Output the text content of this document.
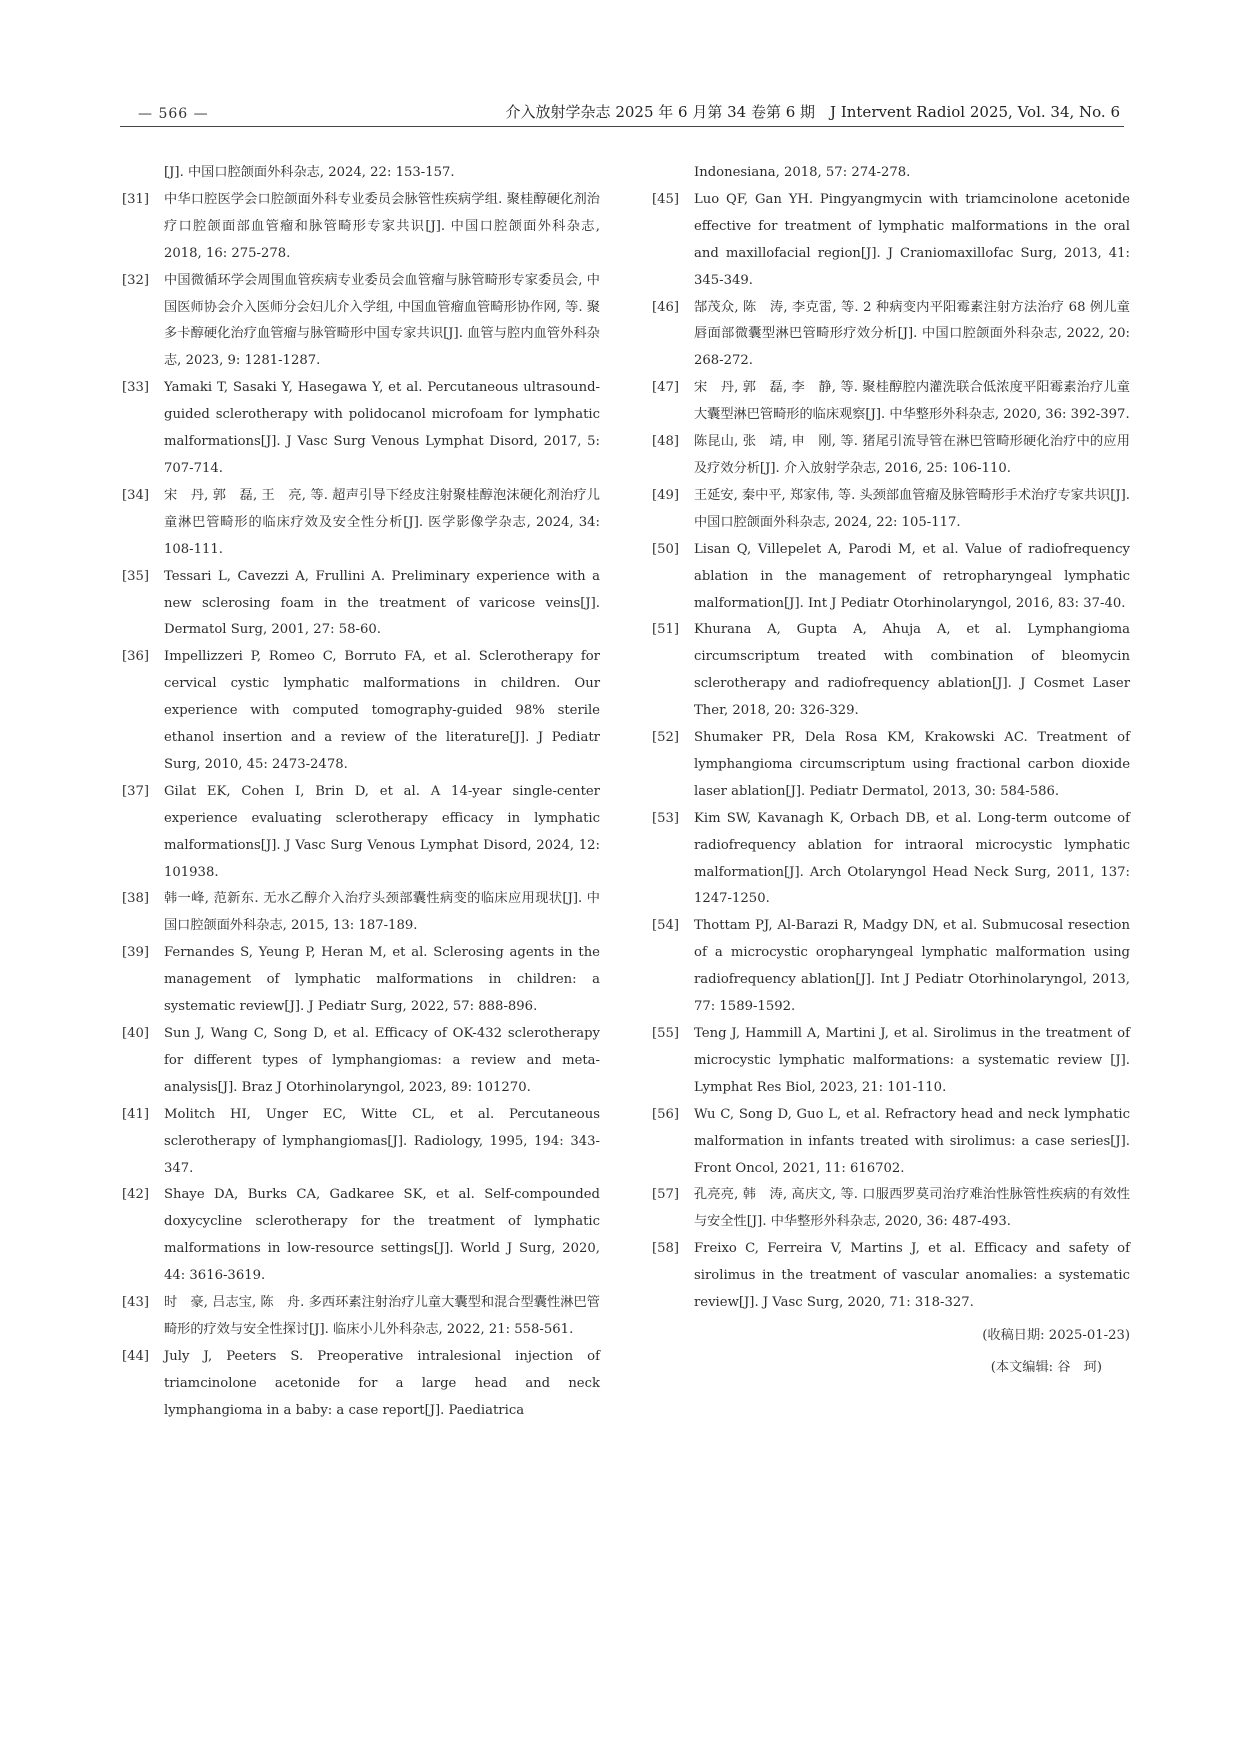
— 566 —	介入放射学杂志 2025 年 6 月第 34 卷第 6 期　J Intervent Radiol 2025, Vol. 34, No. 6

[J]. 中国口腔颌面外科杂志, 2024, 22: 153-157.

[31]	中华口腔医学会口腔颌面外科专业委员会脉管性疾病学组. 聚桂醇硬化剂治疗口腔颌面部血管瘤和脉管畸形专家共识[J]. 中国口腔颌面外科杂志, 2018, 16: 275-278.

[32]	中国微循环学会周围血管疾病专业委员会血管瘤与脉管畸形专家委员会, 中国医师协会介入医师分会妇儿介入学组, 中国血管瘤血管畸形协作网, 等. 聚多卡醇硬化治疗血管瘤与脉管畸形中国专家共识[J]. 血管与腔内血管外科杂志, 2023, 9: 1281-1287.

[33]	Yamaki T, Sasaki Y, Hasegawa Y, et al. Percutaneous ultrasound-guided sclerotherapy with polidocanol microfoam for lymphatic malformations[J]. J Vasc Surg Venous Lymphat Disord, 2017, 5: 707-714.

[34]	宋　丹, 郭　磊, 王　亮, 等. 超声引导下经皮注射聚桂醇泡沫硬化剂治疗儿童淋巴管畸形的临床疗效及安全性分析[J]. 医学影像学杂志, 2024, 34: 108-111.

[35]	Tessari L, Cavezzi A, Frullini A. Preliminary experience with a new sclerosing foam in the treatment of varicose veins[J]. Dermatol Surg, 2001, 27: 58-60.

[36]	Impellizzeri P, Romeo C, Borruto FA, et al. Sclerotherapy for cervical cystic lymphatic malformations in children. Our experience with computed tomography-guided 98% sterile ethanol insertion and a review of the literature[J]. J Pediatr Surg, 2010, 45: 2473-2478.

[37]	Gilat EK, Cohen I, Brin D, et al. A 14-year single-center experience evaluating sclerotherapy efficacy in lymphatic malformations[J]. J Vasc Surg Venous Lymphat Disord, 2024, 12: 101938.

[38]	韩一峰, 范新东. 无水乙醇介入治疗头颈部囊性病变的临床应用现状[J]. 中国口腔颌面外科杂志, 2015, 13: 187-189.

[39]	Fernandes S, Yeung P, Heran M, et al. Sclerosing agents in the management of lymphatic malformations in children: a systematic review[J]. J Pediatr Surg, 2022, 57: 888-896.

[40]	Sun J, Wang C, Song D, et al. Efficacy of OK-432 sclerotherapy for different types of lymphangiomas: a review and meta-analysis[J]. Braz J Otorhinolaryngol, 2023, 89: 101270.

[41]	Molitch HI, Unger EC, Witte CL, et al. Percutaneous sclerotherapy of lymphangiomas[J]. Radiology, 1995, 194: 343-347.

[42]	Shaye DA, Burks CA, Gadkaree SK, et al. Self-compounded doxycycline sclerotherapy for the treatment of lymphatic malformations in low-resource settings[J]. World J Surg, 2020, 44: 3616-3619.

[43]	时　豪, 吕志宝, 陈　舟. 多西环素注射治疗儿童大囊型和混合型囊性淋巴管畸形的疗效与安全性探讨[J]. 临床小儿外科杂志, 2022, 21: 558-561.

[44]	July J, Peeters S. Preoperative intralesional injection of triamcinolone acetonide for a large head and neck lymphangioma in a baby: a case report[J]. Paediatrica

Indonesiana, 2018, 57: 274-278.

[45]	Luo QF, Gan YH. Pingyangmycin with triamcinolone acetonide effective for treatment of lymphatic malformations in the oral and maxillofacial region[J]. J Craniomaxillofac Surg, 2013, 41: 345-349.

[46]	郜茂众, 陈　涛, 李克雷, 等. 2 种病变内平阳霉素注射方法治疗 68 例儿童唇面部微囊型淋巴管畸形疗效分析[J]. 中国口腔颌面外科杂志, 2022, 20: 268-272.

[47]	宋　丹, 郭　磊, 李　静, 等. 聚桂醇腔内灌洗联合低浓度平阳霉素治疗儿童大囊型淋巴管畸形的临床观察[J]. 中华整形外科杂志, 2020, 36: 392-397.

[48]	陈昆山, 张　靖, 申　刚, 等. 猪尾引流导管在淋巴管畸形硬化治疗中的应用及疗效分析[J]. 介入放射学杂志, 2016, 25: 106-110.

[49]	王延安, 秦中平, 郑家伟, 等. 头颈部血管瘤及脉管畸形手术治疗专家共识[J]. 中国口腔颌面外科杂志, 2024, 22: 105-117.

[50]	Lisan Q, Villepelet A, Parodi M, et al. Value of radiofrequency ablation in the management of retropharyngeal lymphatic malformation[J]. Int J Pediatr Otorhinolaryngol, 2016, 83: 37-40.

[51]	Khurana A, Gupta A, Ahuja A, et al. Lymphangioma circumscriptum treated with combination of bleomycin sclerotherapy and radiofrequency ablation[J]. J Cosmet Laser Ther, 2018, 20: 326-329.

[52]	Shumaker PR, Dela Rosa KM, Krakowski AC. Treatment of lymphangioma circumscriptum using fractional carbon dioxide laser ablation[J]. Pediatr Dermatol, 2013, 30: 584-586.

[53]	Kim SW, Kavanagh K, Orbach DB, et al. Long-term outcome of radiofrequency ablation for intraoral microcystic lymphatic malformation[J]. Arch Otolaryngol Head Neck Surg, 2011, 137: 1247-1250.

[54]	Thottam PJ, Al-Barazi R, Madgy DN, et al. Submucosal resection of a microcystic oropharyngeal lymphatic malformation using radiofrequency ablation[J]. Int J Pediatr Otorhinolaryngol, 2013, 77: 1589-1592.

[55]	Teng J, Hammill A, Martini J, et al. Sirolimus in the treatment of microcystic lymphatic malformations: a systematic review [J]. Lymphat Res Biol, 2023, 21: 101-110.

[56]	Wu C, Song D, Guo L, et al. Refractory head and neck lymphatic malformation in infants treated with sirolimus: a case series[J]. Front Oncol, 2021, 11: 616702.

[57]	孔亮亮, 韩　涛, 高庆文, 等. 口服西罗莫司治疗难治性脉管性疾病的有效性与安全性[J]. 中华整形外科杂志, 2020, 36: 487-493.

[58]	Freixo C, Ferreira V, Martins J, et al. Efficacy and safety of sirolimus in the treatment of vascular anomalies: a systematic review[J]. J Vasc Surg, 2020, 71: 318-327.

(收稿日期: 2025-01-23)
(本文编辑: 谷　珂)
